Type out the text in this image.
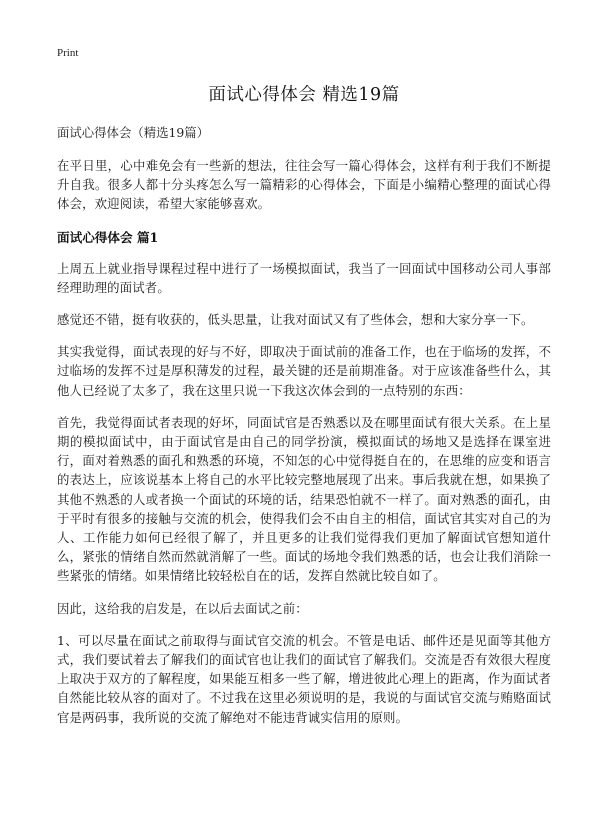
Print
面试心得体会 精选19篇
面试心得体会（精选19篇）

在平日里，心中难免会有一些新的想法，往往会写一篇心得体会，这样有利于我们不断提升自我。很多人都十分头疼怎么写一篇精彩的心得体会，下面是小编精心整理的面试心得体会，欢迎阅读，希望大家能够喜欢。

面试心得体会 篇1

上周五上就业指导课程过程中进行了一场模拟面试，我当了一回面试中国移动公司人事部经理助理的面试者。

感觉还不错，挺有收获的，低头思量，让我对面试又有了些体会，想和大家分享一下。

其实我觉得，面试表现的好与不好，即取决于面试前的准备工作，也在于临场的发挥，不过临场的发挥不过是厚积薄发的过程，最关键的还是前期准备。对于应该准备些什么，其他人已经说了太多了，我在这里只说一下我这次体会到的一点特别的东西：

首先，我觉得面试者表现的好坏，同面试官是否熟悉以及在哪里面试有很大关系。在上星期的模拟面试中，由于面试官是由自己的同学扮演，模拟面试的场地又是选择在课室进行，面对着熟悉的面孔和熟悉的环境，不知怎的心中觉得挺自在的，在思维的应变和语言的表达上，应该说基本上将自己的水平比较完整地展现了出来。事后我就在想，如果换了其他不熟悉的人或者换一个面试的环境的话，结果恐怕就不一样了。面对熟悉的面孔，由于平时有很多的接触与交流的机会，使得我们会不由自主的相信，面试官其实对自己的为人、工作能力如何已经很了解了，并且更多的让我们觉得我们更加了解面试官想知道什么，紧张的情绪自然而然就消解了一些。面试的场地令我们熟悉的话，也会让我们消除一些紧张的情绪。如果情绪比较轻松自在的话，发挥自然就比较自如了。

因此，这给我的启发是，在以后去面试之前：

1、可以尽量在面试之前取得与面试官交流的机会。不管是电话、邮件还是见面等其他方式，我们要试着去了解我们的面试官也让我们的面试官了解我们。交流是否有效很大程度上取决于双方的了解程度，如果能互相多一些了解，增进彼此心理上的距离，作为面试者自然能比较从容的面对了。不过我在这里必须说明的是，我说的与面试官交流与贿赂面试官是两码事，我所说的交流了解绝对不能违背诚实信用的原则。
